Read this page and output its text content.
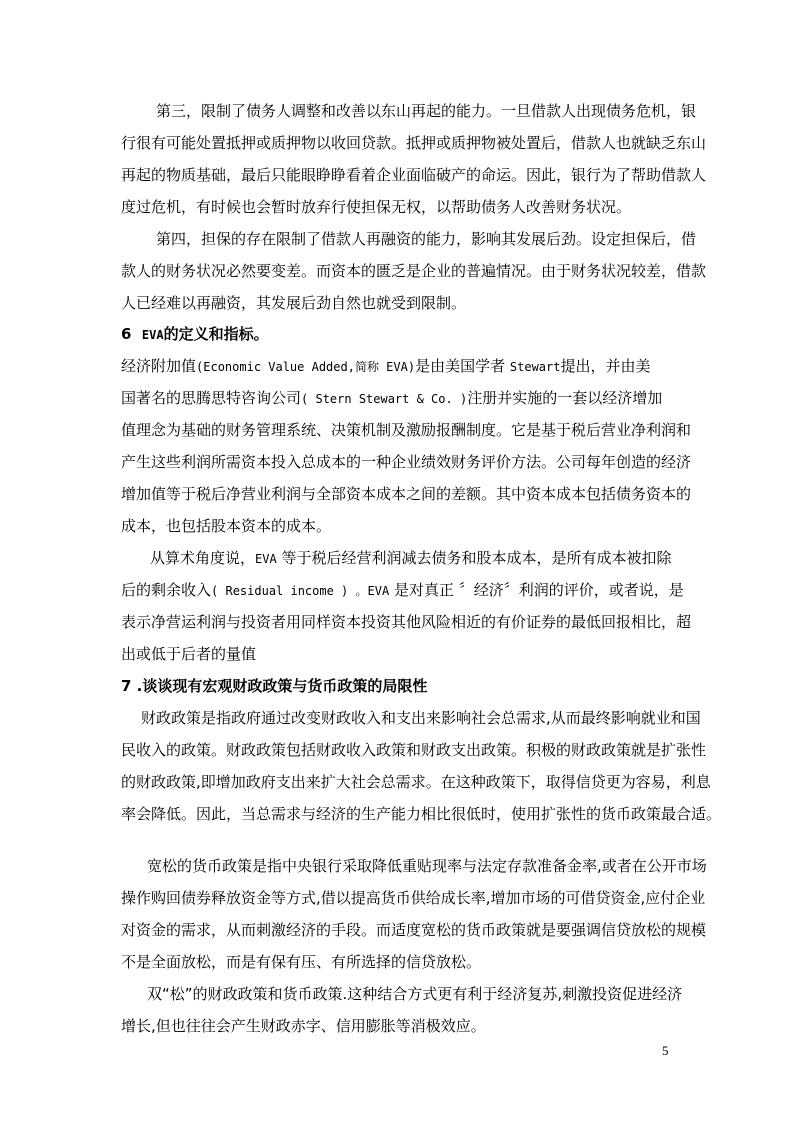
第三，限制了债务人调整和改善以东山再起的能力。一旦借款人出现债务危机，银
行很有可能处置抵押或质押物以收回贷款。抵押或质押物被处置后，借款人也就缺乏东山
再起的物质基础，最后只能眼睁睁看着企业面临破产的命运。因此，银行为了帮助借款人
度过危机，有时候也会暂时放弃行使担保无权，以帮助债务人改善财务状况。
第四，担保的存在限制了借款人再融资的能力，影响其发展后劲。设定担保后，借
款人的财务状况必然要变差。而资本的匮乏是企业的普遍情况。由于财务状况较差，借款
人已经难以再融资，其发展后劲自然也就受到限制。
6 EVA的定义和指标。
经济附加值(Economic Value Added,简称 EVA)是由美国学者 Stewart提出，并由美
国著名的思腾思特咨询公司( Stern Stewart & Co. )注册并实施的一套以经济增加
值理念为基础的财务管理系统、决策机制及激励报酬制度。它是基于税后营业净利润和
产生这些利润所需资本投入总成本的一种企业绩效财务评价方法。公司每年创造的经济
增加值等于税后净营业利润与全部资本成本之间的差额。其中资本成本包括债务资本的
成本，也包括股本资本的成本。
从算术角度说，EVA 等于税后经营利润减去债务和股本成本，是所有成本被扣除
后的剩余收入( Residual income ) 。EVA 是对真正 〞经济〞利润的评价，或者说，是
表示净营运利润与投资者用同样资本投资其他风险相近的有价证券的最低回报相比，超
出或低于后者的量值
7 .谈谈现有宏观财政政策与货币政策的局限性
财政政策是指政府通过改变财政收入和支出来影响社会总需求,从而最终影响就业和国
民收入的政策。财政政策包括财政收入政策和财政支出政策。积极的财政政策就是扩张性
的财政政策,即增加政府支出来扩大社会总需求。在这种政策下，取得信贷更为容易，利息
率会降低。因此，当总需求与经济的生产能力相比很低时，使用扩张性的货币政策最合适。
宽松的货币政策是指中央银行采取降低重贴现率与法定存款准备金率,或者在公开市场
操作购回债券释放资金等方式,借以提高货币供给成长率,增加市场的可借贷资金,应付企业
对资金的需求，从而刺激经济的手段。而适度宽松的货币政策就是要强调信贷放松的规模
不是全面放松，而是有保有压、有所选择的信贷放松。
双“松”的财政政策和货币政策.这种结合方式更有利于经济复苏,刺激投资促进经济
增长,但也往往会产生财政赤字、信用膨胀等消极效应。
5
